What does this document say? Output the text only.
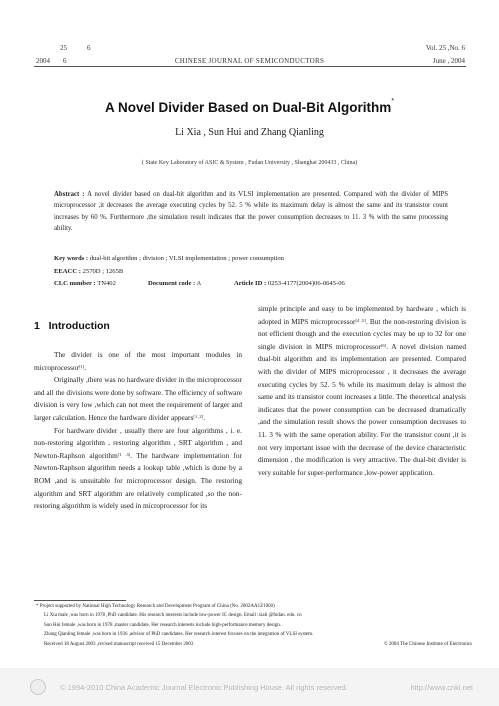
25	6
2004 6	CHINESE JOURNAL OF SEMICONDUCTORS
Vol. 25 ,No. 6
June , 2004
A Novel Divider Based on Dual-Bit Algorithm*
Li Xia , Sun Hui and Zhang Qianling
( State Key Laboratory of ASIC & System , Fudan University , Shanghai 200433 , China)
Abstract : A novel divider based on dual-bit algorithm and its VLSI implementation are presented. Compared with the divider of MIPS microprocessor ,it decreases the average executing cycles by 52. 5 % while its maximum delay is almost the same and its transistor count increases by 60 %. Furthermore ,the simulation result indicates that the power consumption decreases to 11. 3 % with the same processing ability.
Key words : dual-bit algorithm ; division ; VLSI implementation ; power consumption
EEACC : 2570D ; 1265B
CLC number : TN402	Document code : A	Article ID : 0253-4177(2004)06-0645-06
1 Introduction

The divider is one of the most important modules in microprocessor[1].

Originally ,there was no hardware divider in the microprocessor and all the divisions were done by software. The efficiency of software division is very low ,which can not meet the requirement of larger and larger calculation. Hence the hardware divider appears[1 ,2].

For hardware divider , usually there are four algorithms , i. e. non-restoring algorithm , restoring algorithm , SRT algorithm , and Newton-Raphson algorithm[1 ,3]. The hardware implementation for Newton-Raphson algorithm needs a lookup table ,which is done by a ROM ,and is unsuitable for microprocessor design. The restoring algorithm and SRT algorithm are relatively complicated ,so the non-restoring algorithm is widely used in microprocessor for its

simple principle and easy to be implemented by hardware , which is adopted in MIPS microprocessor[4 ,5]. But the non-restoring division is not efficient though and the execution cycles may be up to 32 for one single division in MIPS microprocessor[6]. A novel division named dual-bit algorithm and its implementation are presented. Compared with the divider of MIPS microprocessor , it decreases the average executing cycles by 52. 5 % while its maximum delay is almost the same and its transistor count increases a little. The theoretical analysis indicates that the power consumption can be decreased dramatically ,and the simulation result shows the power consumption decreases to 11. 3 % with the same operation ability. For the transistor count ,it is not very important issue with the decrease of the device characteristic dimension , the modification is very attractive. The dual-bit divider is very suitable for super-performance ,low-power application.

* Project supported by National High Technology Research and Development Program of China (No. 2002AA1Z1060)
Li Xia male ,was born in 1978 ,PhD candidate. His research interests include low-power IC design. Email :xiali @fudan. edu. cn
Sun Hui female ,was born in 1978 ,master candidate. Her research interests include high-performance memory design.
Zhang Qianling female ,was born in 1936 ,advisor of PhD candidates. Her research interest focuses on the integration of VLSI system.
Received 18 August 2003 ,revised manuscript received 15 December 2003	© 2004 The Chinese Institute of Electronics
© 1994-2010 China Academic Journal Electronic Publishing House. All rights reserved.	http://www.cnki.net
